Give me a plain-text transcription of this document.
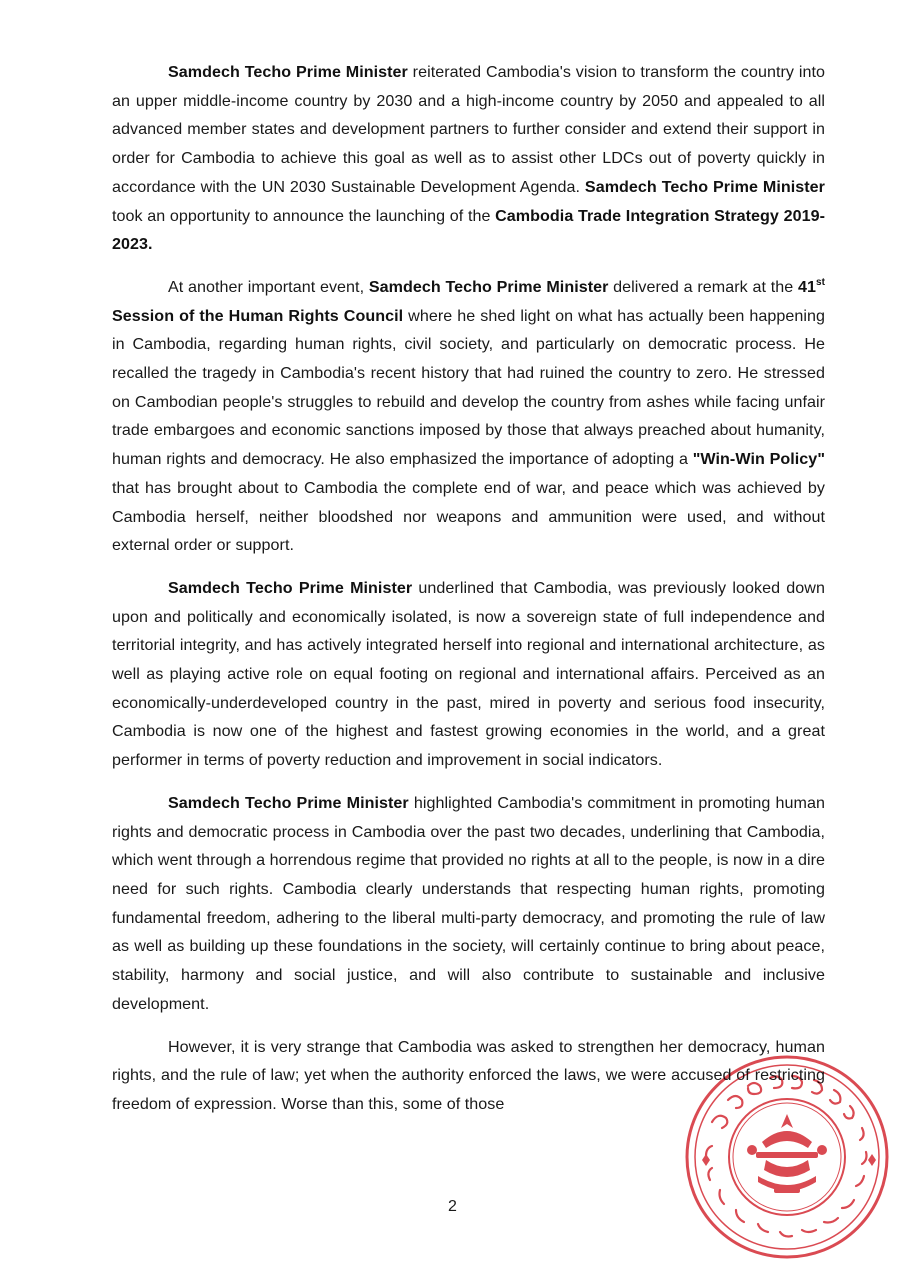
Samdech Techo Prime Minister reiterated Cambodia's vision to transform the country into an upper middle-income country by 2030 and a high-income country by 2050 and appealed to all advanced member states and development partners to further consider and extend their support in order for Cambodia to achieve this goal as well as to assist other LDCs out of poverty quickly in accordance with the UN 2030 Sustainable Development Agenda. Samdech Techo Prime Minister took an opportunity to announce the launching of the Cambodia Trade Integration Strategy 2019-2023.

At another important event, Samdech Techo Prime Minister delivered a remark at the 41st Session of the Human Rights Council where he shed light on what has actually been happening in Cambodia, regarding human rights, civil society, and particularly on democratic process. He recalled the tragedy in Cambodia's recent history that had ruined the country to zero. He stressed on Cambodian people's struggles to rebuild and develop the country from ashes while facing unfair trade embargoes and economic sanctions imposed by those that always preached about humanity, human rights and democracy. He also emphasized the importance of adopting a "Win-Win Policy" that has brought about to Cambodia the complete end of war, and peace which was achieved by Cambodia herself, neither bloodshed nor weapons and ammunition were used, and without external order or support.

Samdech Techo Prime Minister underlined that Cambodia, was previously looked down upon and politically and economically isolated, is now a sovereign state of full independence and territorial integrity, and has actively integrated herself into regional and international architecture, as well as playing active role on equal footing on regional and international affairs. Perceived as an economically-underdeveloped country in the past, mired in poverty and serious food insecurity, Cambodia is now one of the highest and fastest growing economies in the world, and a great performer in terms of poverty reduction and improvement in social indicators.

Samdech Techo Prime Minister highlighted Cambodia's commitment in promoting human rights and democratic process in Cambodia over the past two decades, underlining that Cambodia, which went through a horrendous regime that provided no rights at all to the people, is now in a dire need for such rights. Cambodia clearly understands that respecting human rights, promoting fundamental freedom, adhering to the liberal multi-party democracy, and promoting the rule of law as well as building up these foundations in the society, will certainly continue to bring about peace, stability, harmony and social justice, and will also contribute to sustainable and inclusive development.

However, it is very strange that Cambodia was asked to strengthen her democracy, human rights, and the rule of law; yet when the authority enforced the laws, we were accused of restricting freedom of expression. Worse than this, some of those

2
